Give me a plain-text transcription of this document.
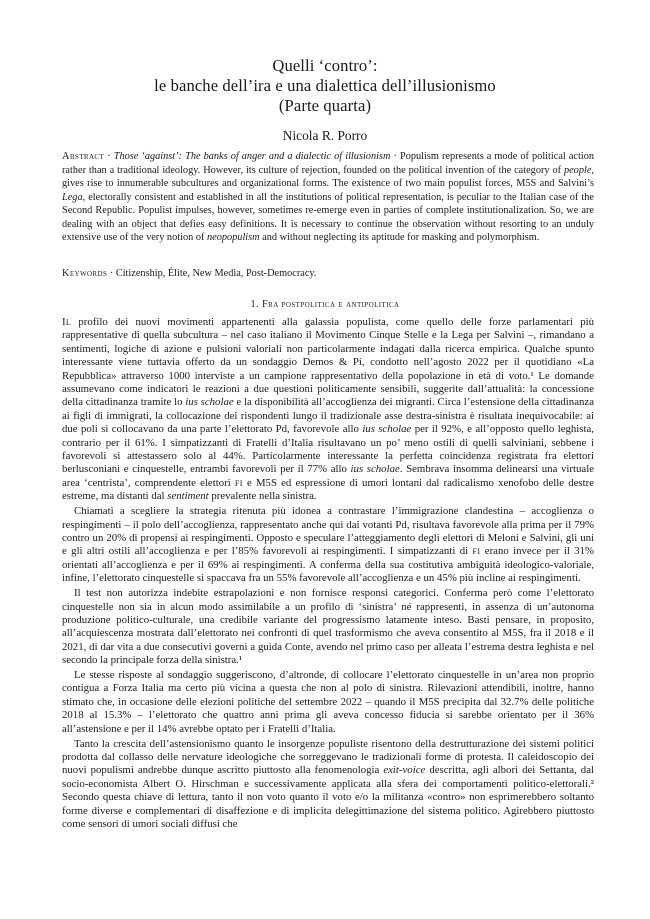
Quelli ‘contro’:
le banche dell’ira e una dialettica dell’illusionismo
(Parte quarta)
Nicola R. Porro
Abstract · Those ‘against’: The banks of anger and a dialectic of illusionism · Populism represents a mode of political action rather than a traditional ideology. However, its culture of rejection, founded on the political invention of the category of people, gives rise to innumerable subcultures and organizational forms. The existence of two main populist forces, M5S and Salvini’s Lega, electorally consistent and established in all the institutions of political representation, is peculiar to the Italian case of the Second Republic. Populist impulses, however, sometimes re-emerge even in parties of complete institutionalization. So, we are dealing with an object that defies easy definitions. It is necessary to continue the observation without resorting to an unduly extensive use of the very notion of neopopulism and without neglecting its aptitude for masking and polymorphism.
Keywords · Citizenship, Élite, New Media, Post-Democracy.
1. Fra postpolitica e antipolitica

Il profilo dei nuovi movimenti appartenenti alla galassia populista, come quello delle forze parlamentari più rappresentative di quella subcultura – nel caso italiano il Movimento Cinque Stelle e la Lega per Salvini –, rimandano a sentimenti, logiche di azione e pulsioni valoriali non particolarmente indagati dalla ricerca empirica. Qualche spunto interessante viene tuttavia offerto da un sondaggio Demos & Pi, condotto nell’agosto 2022 per il quotidiano «La Repubblica» attraverso 1000 interviste a un campione rappresentativo della popolazione in età di voto.¹ Le domande assumevano come indicatori le reazioni a due questioni politicamente sensibili, suggerite dall’attualità: la concessione della cittadinanza tramite lo ius scholae e la disponibilità all’accoglienza dei migranti. Circa l’estensione della cittadinanza ai figli di immigrati, la collocazione dei rispondenti lungo il tradizionale asse destra-sinistra è risultata inequivocabile: ai due poli si collocavano da una parte l’elettorato Pd, favorevole allo ius scholae per il 92%, e all’opposto quello leghista, contrario per il 61%. I simpatizzanti di Fratelli d’Italia risultavano un po’ meno ostili di quelli salviniani, sebbene i favorevoli si attestassero solo al 44%. Particolarmente interessante la perfetta coincidenza registrata fra elettori berlusconiani e cinquestelle, entrambi favorevoli per il 77% allo ius scholae. Sembrava insomma delinearsi una virtuale area ‘centrista’, comprendente elettori fi e M5S ed espressione di umori lontani dal radicalismo xenofobo delle destre estreme, ma distanti dal sentiment prevalente nella sinistra.

Chiamati a scegliere la strategia ritenuta più idonea a contrastare l’immigrazione clandestina – accoglienza o respingimenti – il polo dell’accoglienza, rappresentato anche qui dai votanti Pd, risultava favorevole alla prima per il 79% contro un 20% di propensi ai respingimenti. Opposto e speculare l’atteggiamento degli elettori di Meloni e Salvini, gli uni e gli altri ostili all’accoglienza e per l’85% favorevoli ai respingimenti. I simpatizzanti di fi erano invece per il 31% orientati all’accoglienza e per il 69% ai respingimenti. A conferma della sua costitutiva ambiguità ideologico-valoriale, infine, l’elettorato cinquestelle si spaccava fra un 55% favorevole all’accoglienza e un 45% più incline ai respingimenti.

Il test non autorizza indebite estrapolazioni e non fornisce responsi categorici. Conferma però come l’elettorato cinquestelle non sia in alcun modo assimilabile a un profilo di ‘sinistra’ né rappresenti, in assenza di un’autonoma produzione politico-culturale, una credibile variante del progressismo latamente inteso. Basti pensare, in proposito, all’acquiescenza mostrata dall’elettorato nei confronti di quel trasformismo che aveva consentito al M5S, fra il 2018 e il 2021, di dar vita a due consecutivi governi a guida Conte, avendo nel primo caso per alleata l’estrema destra leghista e nel secondo la principale forza della sinistra.¹

Le stesse risposte al sondaggio suggeriscono, d’altronde, di collocare l’elettorato cinquestelle in un’area non proprio contigua a Forza Italia ma certo più vicina a questa che non al polo di sinistra. Rilevazioni attendibili, inoltre, hanno stimato che, in occasione delle elezioni politiche del settembre 2022 – quando il M5S precipita dal 32.7% delle politiche 2018 al 15.3% – l’elettorato che quattro anni prima gli aveva concesso fiducia si sarebbe orientato per il 36% all’astensione e per il 14% avrebbe optato per i Fratelli d’Italia.

Tanto la crescita dell’astensionismo quanto le insorgenze populiste risentono della destrutturazione dei sistemi politici prodotta dal collasso delle nervature ideologiche che sorreggevano le tradizionali forme di protesta. Il caleidoscopio dei nuovi populismi andrebbe dunque ascritto piuttosto alla fenomenologia exit-voice descritta, agli albori dei Settanta, dal socio-economista Albert O. Hirschman e successivamente applicata alla sfera dei comportamenti politico-elettorali.² Secondo questa chiave di lettura, tanto il non voto quanto il voto e/o la militanza «contro» non esprimerebbero soltanto forme diverse e complementari di disaffezione e di implicita delegittimazione del sistema politico. Agirebbero piuttosto come sensori di umori sociali diffusi che
